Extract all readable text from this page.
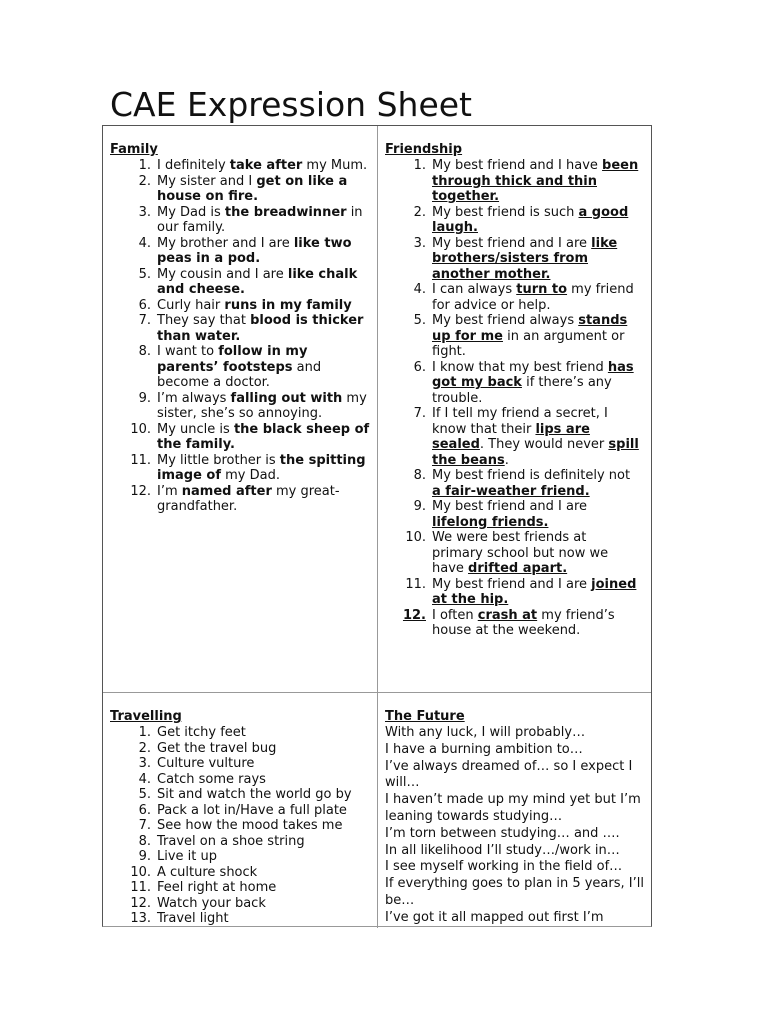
CAE Expression Sheet
Family
1. I definitely take after my Mum.
2. My sister and I get on like a house on fire.
3. My Dad is the breadwinner in our family.
4. My brother and I are like two peas in a pod.
5. My cousin and I are like chalk and cheese.
6. Curly hair runs in my family
7. They say that blood is thicker than water.
8. I want to follow in my parents’ footsteps and become a doctor.
9. I’m always falling out with my sister, she’s so annoying.
10. My uncle is the black sheep of the family.
11. My little brother is the spitting image of my Dad.
12. I’m named after my great-grandfather.
Friendship
1. My best friend and I have been through thick and thin together.
2. My best friend is such a good laugh.
3. My best friend and I are like brothers/sisters from another mother.
4. I can always turn to my friend for advice or help.
5. My best friend always stands up for me in an argument or fight.
6. I know that my best friend has got my back if there’s any trouble.
7. If I tell my friend a secret, I know that their lips are sealed. They would never spill the beans.
8. My best friend is definitely not a fair-weather friend.
9. My best friend and I are lifelong friends.
10. We were best friends at primary school but now we have drifted apart.
11. My best friend and I are joined at the hip.
12. I often crash at my friend’s house at the weekend.
Travelling
1. Get itchy feet
2. Get the travel bug
3. Culture vulture
4. Catch some rays
5. Sit and watch the world go by
6. Pack a lot in/Have a full plate
7. See how the mood takes me
8. Travel on a shoe string
9. Live it up
10. A culture shock
11. Feel right at home
12. Watch your back
13. Travel light
The Future

With any luck, I will probably…

I have a burning ambition to…

I’ve always dreamed of… so I expect I will…

I haven’t made up my mind yet but I’m leaning towards studying…

I’m torn between studying… and ….

In all likelihood I’ll study…/work in…

I see myself working in the field of…

If everything goes to plan in 5 years, I’ll be…

I’ve got it all mapped out first I’m
